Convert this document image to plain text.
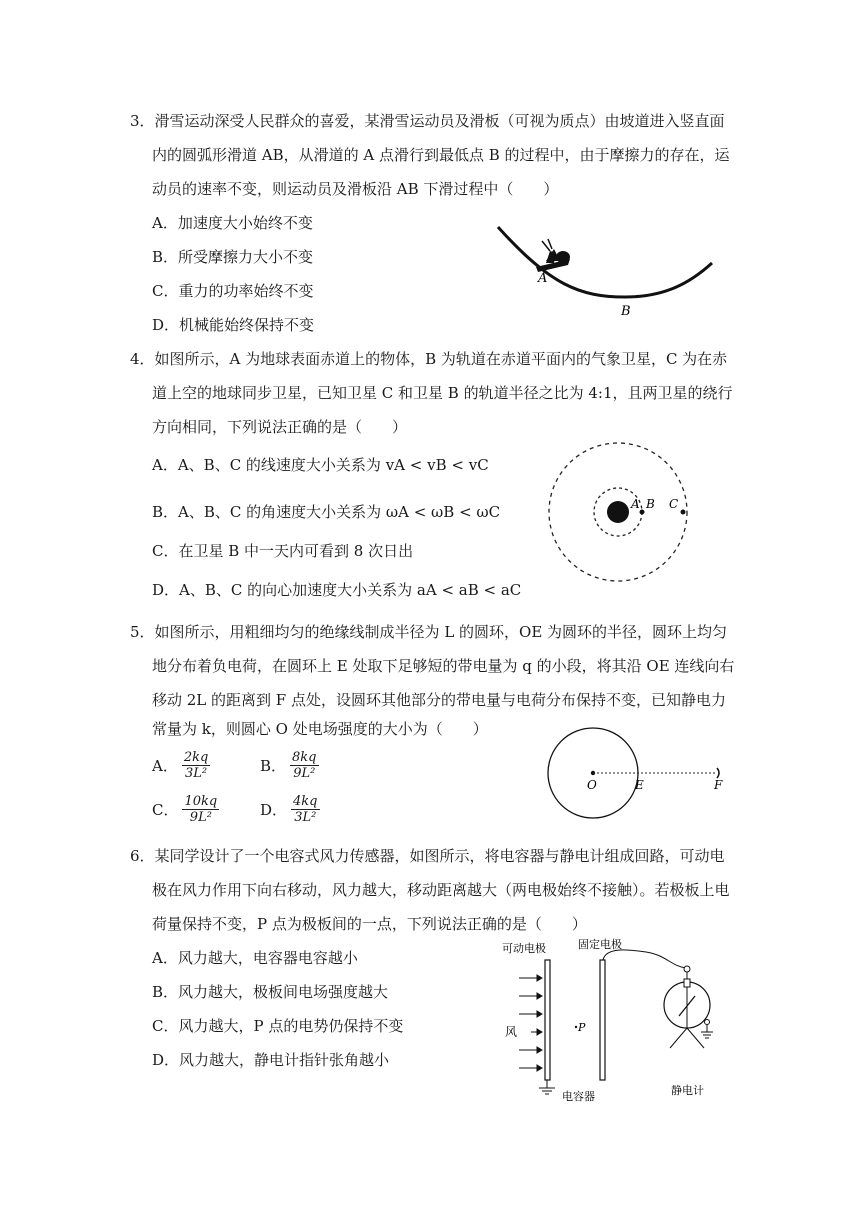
3．滑雪运动深受人民群众的喜爱，某滑雪运动员及滑板（可视为质点）由坡道进入竖直面
内的圆弧形滑道 AB，从滑道的 A 点滑行到最低点 B 的过程中，由于摩擦力的存在，运
动员的速率不变，则运动员及滑板沿 AB 下滑过程中（　　）
A．加速度大小始终不变
B．所受摩擦力大小不变
C．重力的功率始终不变
D．机械能始终保持不变
A
B
4．如图所示，A 为地球表面赤道上的物体，B 为轨道在赤道平面内的气象卫星，C 为在赤
道上空的地球同步卫星，已知卫星 C 和卫星 B 的轨道半径之比为 4:1，且两卫星的绕行
方向相同，下列说法正确的是（　　）
A．A、B、C 的线速度大小关系为 vA < vB < vC
B．A、B、C 的角速度大小关系为 ωA < ωB < ωC
C．在卫星 B 中一天内可看到 8 次日出
D．A、B、C 的向心加速度大小关系为 aA < aB < aC
A B C
5．如图所示，用粗细均匀的绝缘线制成半径为 L 的圆环，OE 为圆环的半径，圆环上均匀
地分布着负电荷，在圆环上 E 处取下足够短的带电量为 q 的小段，将其沿 OE 连线向右
移动 2L 的距离到 F 点处，设圆环其他部分的带电量与电荷分布保持不变，已知静电力
常量为 k，则圆心 O 处电场强度的大小为（　　）
A． $\frac{2kq}{\text{3L²}}$	B． $\frac{8kq}{\text{9L²}}$
C． $\frac{10kq}{\text{9L²}}$	D． $\frac{4kq}{\text{3L²}}$
O	E	F
6．某同学设计了一个电容式风力传感器，如图所示，将电容器与静电计组成回路，可动电
极在风力作用下向右移动，风力越大，移动距离越大（两电极始终不接触）。若极板上电
荷量保持不变，P 点为极板间的一点，下列说法正确的是（　　）
A．风力越大，电容器电容越小
B．风力越大，极板间电场强度越大
C．风力越大，P 点的电势仍保持不变
D．风力越大，静电计指针张角越小
可动电极	固定电极
风	P
电容器	静电计
